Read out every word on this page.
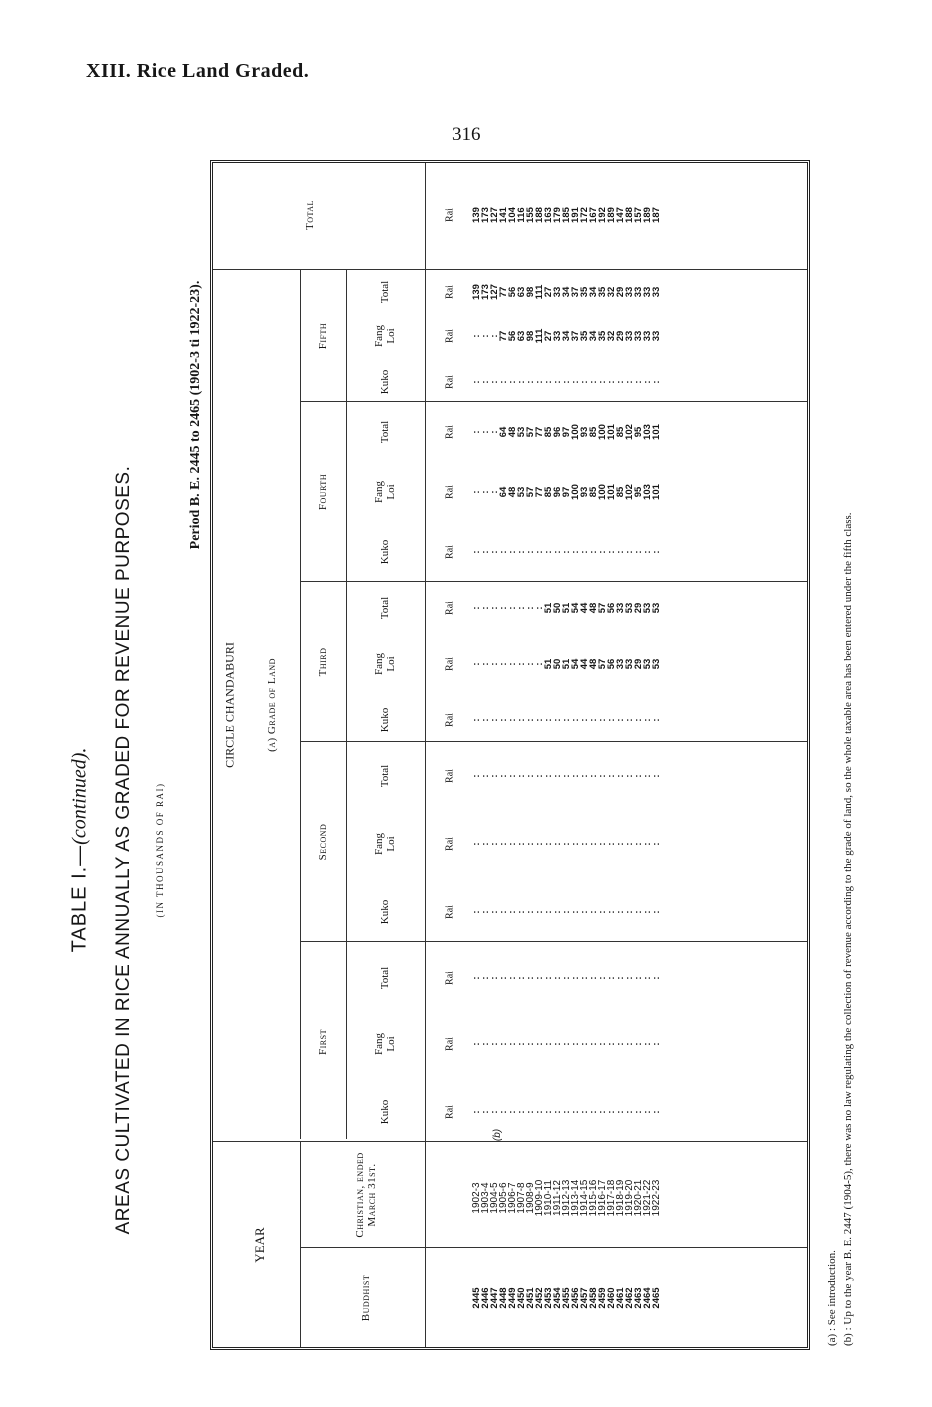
XIII. Rice Land Graded.
316
TABLE I.—(continued). AREAS CULTIVATED IN RICE ANNUALLY AS GRADED FOR REVENUE PURPOSES. (IN THOUSANDS OF RAI)
Period B. E. 2445 to 2465 (1902-3 ti 1922-23).
YEAR
Buddhist
Christian, ended March 31st.
CIRCLE CHANDABURI	(a) Grade of Land
Total
First
Second
Third
Fourth
Fifth
Kuko
Fang Loi
Total
Kuko
Fang Loi
Total
Kuko
Fang Loi
Total
Kuko
Fang Loi
Total
Kuko
Fang Loi
Total
Rai
Rai
Rai
Rai
Rai
Rai
Rai
Rai
Rai
Rai
Rai
Rai
Rai
Rai
Rai
Rai
(b)
2445
2446
2447
2448
2449
2450
2451
2452
2453
2454
2455
2456
2457
2458
2459
2460
2461
2462
2463
2464
2465
1902-3
1903-4
1904-5
1905-6
1906-7
1907-8
1908-9
1909-10
1910-11
1911-12
1912-13
1913-14
1914-15
1915-16
1916-17
1917-18
1918-19
1919-20
1920-21
1921-22
1922-23
:
:
:
:
:
:
:
:
:
:
:
:
:
:
:
:
:
:
:
:
:
:
:
:
:
:
:
:
:
:
:
:
:
:
:
:
:
:
:
:
:
:
:
:
:
:
:
:
:
:
:
:
:
:
:
:
:
:
:
:
:
:
:
:
:
:
:
:
:
:
:
:
:
:
:
:
:
:
:
:
:
:
:
:
:
:
:
:
:
:
:
:
:
:
:
:
:
:
:
:
:
:
:
:
:
:
:
:
:
:
:
:
:
:
:
:
:
:
:
:
:
:
:
:
:
:
:
:
:
:
:
:
:
:
:
:
:
:
:
:
:
:
:
:
:
:
:
:
:
:
:
:
:
:
:
51
50
51
54
44
48
57
56
33
53
29
53
53
:
:
:
:
:
:
:
:
51
50
51
54
44
48
57
56
33
53
29
53
53
:
:
:
:
:
:
:
:
:
:
:
:
:
:
:
:
:
:
:
:
:
:
:
:
64
48
53
57
77
85
96
97
100
93
85
100
101
85
102
95
103
101
:
:
:
64
48
53
57
77
85
96
97
100
93
85
100
101
85
102
95
103
101
:
:
:
:
:
:
:
:
:
:
:
:
:
:
:
:
:
:
:
:
:
:
:
:
77
56
63
98
111
27
33
34
37
35
34
35
32
29
33
33
33
33
139
173
127
77
56
63
98
111
27
33
34
37
35
34
35
32
29
33
33
33
33
139
173
127
141
104
116
155
188
163
179
185
191
172
167
192
189
147
188
157
189
187
(a) : See introduction. (b) : Up to the year B. E. 2447 (1904-5), there was no law regulating the collection of revenue according to the grade of land, so the whole taxable area has been entered under the fifth class.
